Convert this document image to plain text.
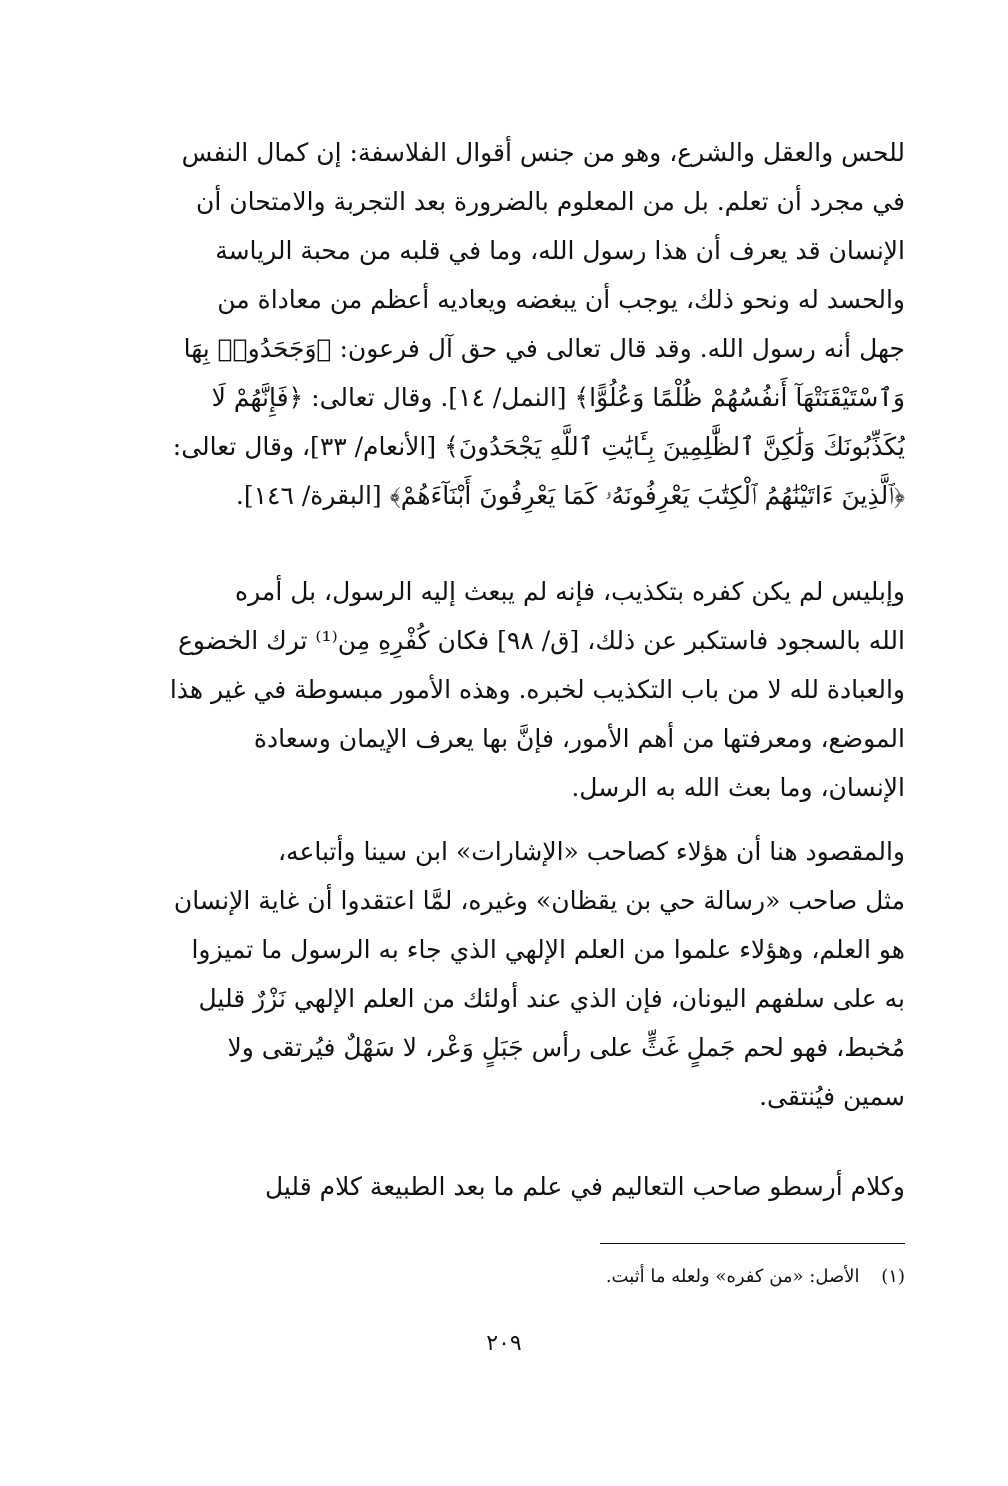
للحس والعقل والشرع، وهو من جنس أقوال الفلاسفة: إن كمال النفس
في مجرد أن تعلم. بل من المعلوم بالضرورة بعد التجربة والامتحان أن
الإنسان قد يعرف أن هذا رسول الله، وما في قلبه من محبة الرياسة
والحسد له ونحو ذلك، يوجب أن يبغضه ويعاديه أعظم من معاداة من
جهل أنه رسول الله. وقد قال تعالى في حق آل فرعون: ﴿وَجَحَدُوا۟ بِهَا
وَٱسْتَيْقَنَتْهَآ أَنفُسُهُمْ ظُلْمًا وَعُلُوًّا﴾ [النمل/ ١٤]. وقال تعالى: ﴿فَإِنَّهُمْ لَا
يُكَذِّبُونَكَ وَلَٰكِنَّ ٱلظَّٰلِمِينَ بِـَٔايَٰتِ ٱللَّهِ يَجْحَدُونَ﴾ [الأنعام/ ٣٣]، وقال تعالى:
﴿ٱلَّذِينَ ءَاتَيْنَٰهُمُ ٱلْكِتَٰبَ يَعْرِفُونَهُۥ كَمَا يَعْرِفُونَ أَبْنَآءَهُمْ﴾ [البقرة/ ١٤٦].
وإبليس لم يكن كفره بتكذيب، فإنه لم يبعث إليه الرسول، بل أمره
الله بالسجود فاستكبر عن ذلك، [ق/ ٩٨] فكان كُفْرِهِ مِن⁽¹⁾ ترك الخضوع
والعبادة لله لا من باب التكذيب لخبره. وهذه الأمور مبسوطة في غير هذا
الموضع، ومعرفتها من أهم الأمور، فإنَّ بها يعرف الإيمان وسعادة
الإنسان، وما بعث الله به الرسل.
والمقصود هنا أن هؤلاء كصاحب «الإشارات» ابن سينا وأتباعه،
مثل صاحب «رسالة حي بن يقظان» وغيره، لمَّا اعتقدوا أن غاية الإنسان
هو العلم، وهؤلاء علموا من العلم الإلهي الذي جاء به الرسول ما تميزوا
به على سلفهم اليونان، فإن الذي عند أولئك من العلم الإلهي نَزْرٌ قليل
مُخبط، فهو لحم جَملٍ غَثٍّ على رأس جَبَلٍ وَعْر، لا سَهْلٌ فيُرتقى ولا
سمين فيُنتقى.
وكلام أرسطو صاحب التعاليم في علم ما بعد الطبيعة كلام قليل
(١) الأصل: «من كفره» ولعله ما أثبت.
٢٠٩
